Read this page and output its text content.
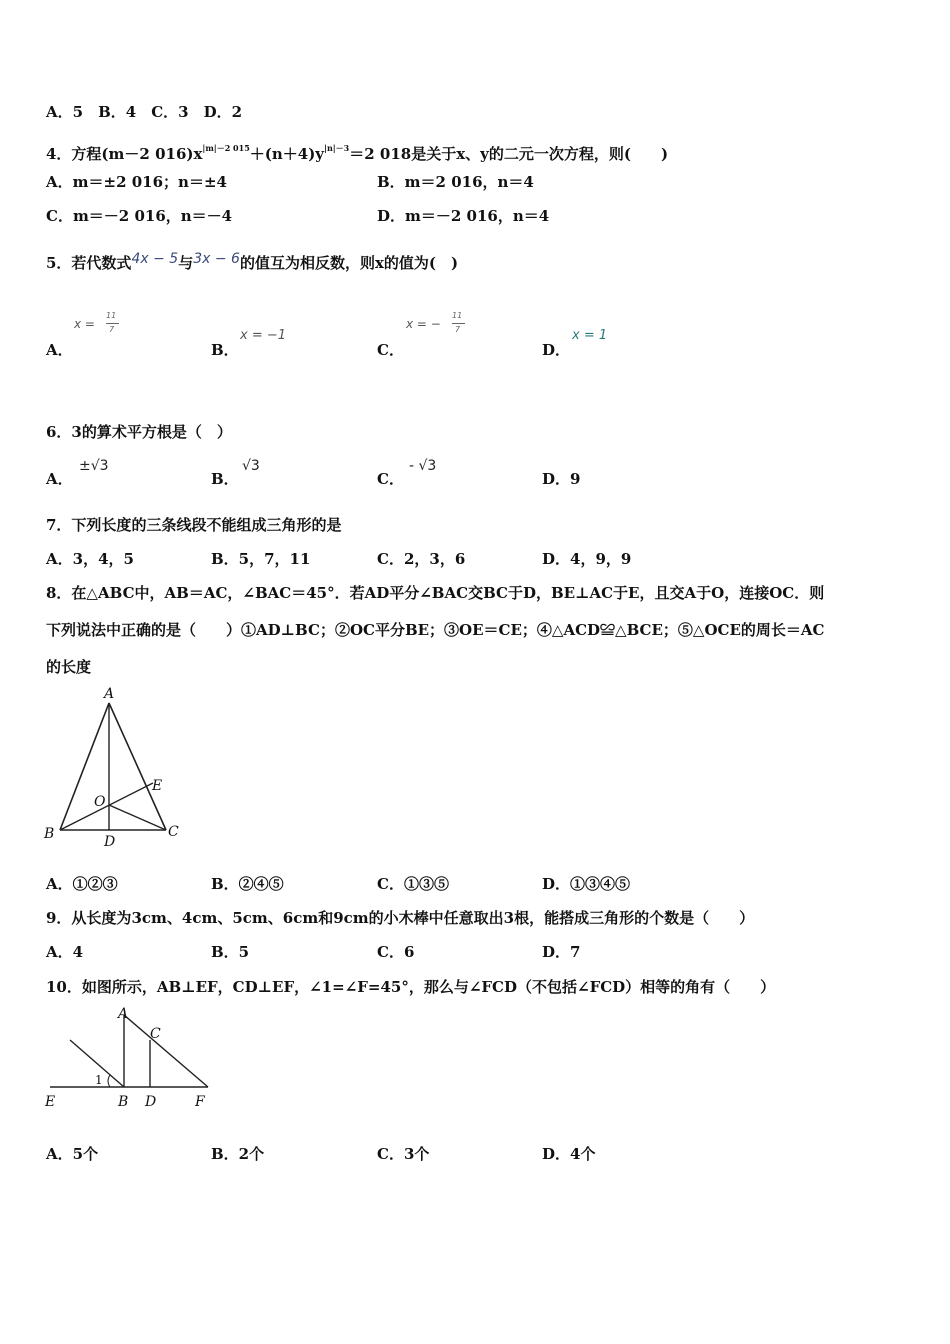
A．5　B．4　C．3　D．2
4．方程(m－2 $016)x^{|m|-2 015}+(n+4)y^{|n|-3}=2$ 018是关于x、y的二元一次方程，则(　　)
A．m＝±2 016；n＝±4	B．m＝2 016，n＝4
C．m＝－2 016，n＝－4	D．m＝－2 016，n＝4
5．若代数式4x − 5与3x − 6的值互为相反数，则x的值为(　)
A．
x =
11
7
B．
x = −1
C．
x = −
11
7
D．
x = 1
6．3的算术平方根是（　）
A．
±√3
B．
√3
C．
- √3
D．9
7．下列长度的三条线段不能组成三角形的是
A．3，4，5	B．5，7，11	C．2，3，6	D．4，9，9
8．在△ABC中，AB＝AC，∠BAC＝45°．若AD平分∠BAC交BC于D，BE⊥AC于E，且交A于O，连接OC．则
下列说法中正确的是（　　）①AD⊥BC；②OC平分BE；③OE＝CE；④△ACD≌△BCE；⑤△OCE的周长＝AC
的长度
A
B	C
D
E
O
A．①②③	B．②④⑤	C．①③⑤	D．①③④⑤
9．从长度为3cm、4cm、5cm、6cm和9cm的小木棒中任意取出3根，能搭成三角形的个数是（　　）
A．4	B．5	C．6	D．7
10．如图所示，AB⊥EF，CD⊥EF，∠1=∠F=45°，那么与∠FCD（不包括∠FCD）相等的角有（　　）
A
C
E	B D	F
1
A．5个	B．2个	C．3个	D．4个
